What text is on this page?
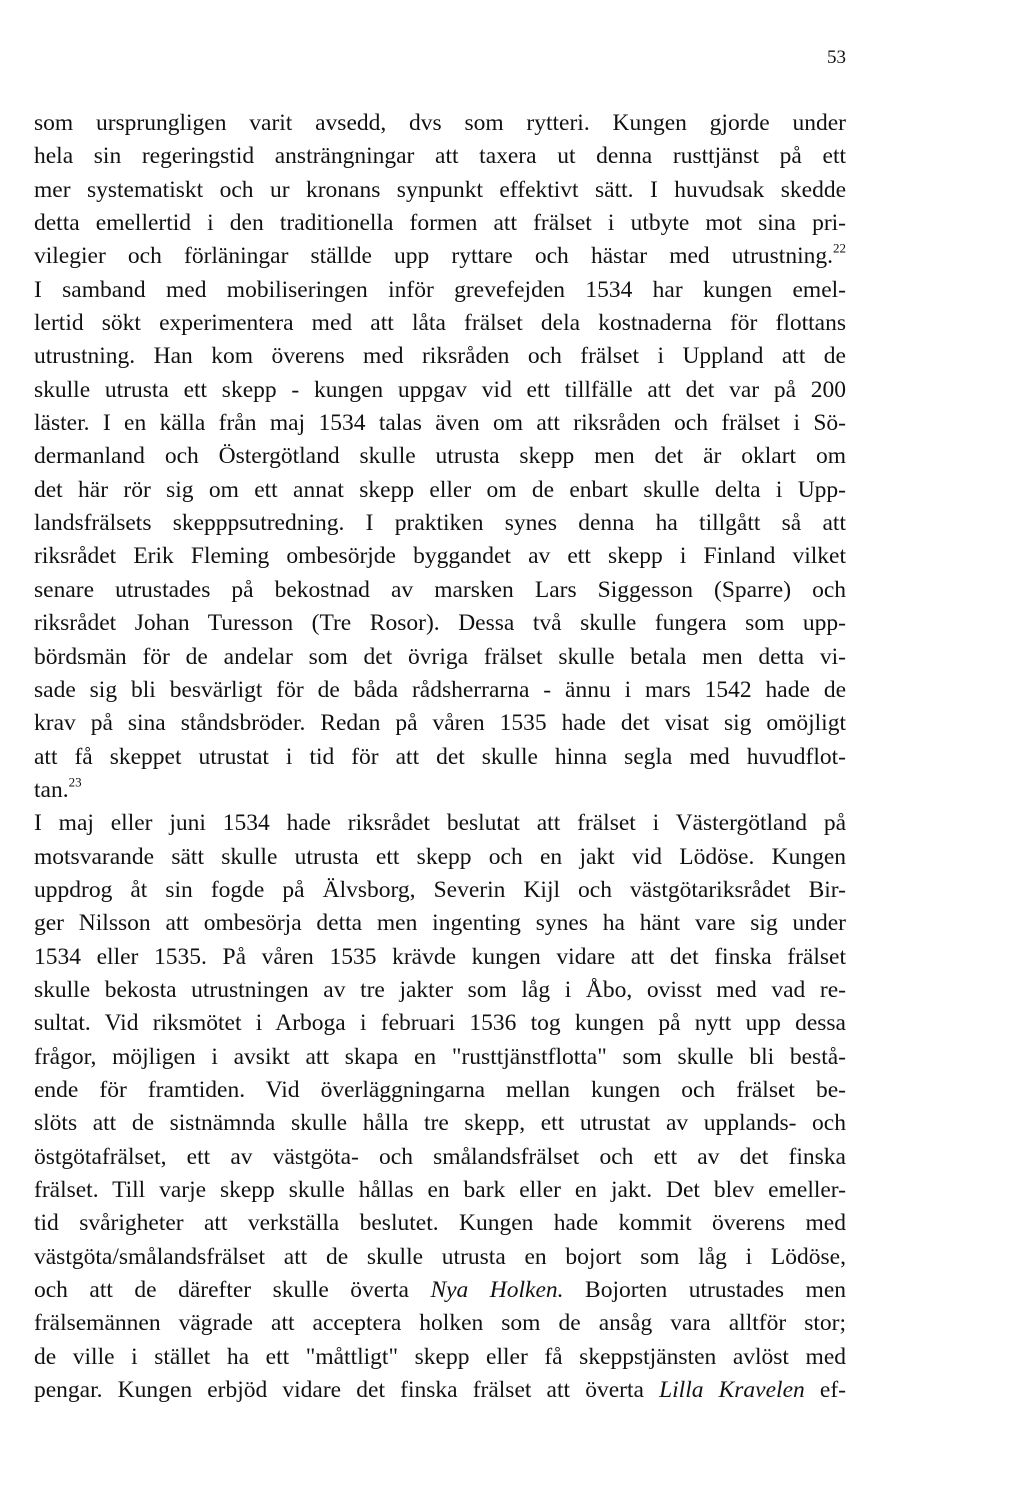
53
som ursprungligen varit avsedd, dvs som rytteri. Kungen gjorde under
hela sin regeringstid ansträngningar att taxera ut denna rusttjänst på ett
mer systematiskt och ur kronans synpunkt effektivt sätt. I huvudsak skedde
detta emellertid i den traditionella formen att frälset i utbyte mot sina pri-
vilegier och förläningar ställde upp ryttare och hästar med utrustning.$^{22}$
I samband med mobiliseringen inför grevefejden 1534 har kungen emel-
lertid sökt experimentera med att låta frälset dela kostnaderna för flottans
utrustning. Han kom överens med riksråden och frälset i Uppland att de
skulle utrusta ett skepp - kungen uppgav vid ett tillfälle att det var på 200
läster. I en källa från maj 1534 talas även om att riksråden och frälset i Sö-
dermanland och Östergötland skulle utrusta skepp men det är oklart om
det här rör sig om ett annat skepp eller om de enbart skulle delta i Upp-
landsfrälsets skepppsutredning. I praktiken synes denna ha tillgått så att
riksrådet Erik Fleming ombesörjde byggandet av ett skepp i Finland vilket
senare utrustades på bekostnad av marsken Lars Siggesson (Sparre) och
riksrådet Johan Turesson (Tre Rosor). Dessa två skulle fungera som upp-
bördsmän för de andelar som det övriga frälset skulle betala men detta vi-
sade sig bli besvärligt för de båda rådsherrarna - ännu i mars 1542 hade de
krav på sina ståndsbröder. Redan på våren 1535 hade det visat sig omöjligt
att få skeppet utrustat i tid för att det skulle hinna segla med huvudflot-
tan.$^{23}$
I maj eller juni 1534 hade riksrådet beslutat att frälset i Västergötland på
motsvarande sätt skulle utrusta ett skepp och en jakt vid Lödöse. Kungen
uppdrog åt sin fogde på Älvsborg, Severin Kijl och västgötariksrådet Bir-
ger Nilsson att ombesörja detta men ingenting synes ha hänt vare sig under
1534 eller 1535. På våren 1535 krävde kungen vidare att det finska frälset
skulle bekosta utrustningen av tre jakter som låg i Åbo, ovisst med vad re-
sultat. Vid riksmötet i Arboga i februari 1536 tog kungen på nytt upp dessa
frågor, möjligen i avsikt att skapa en "rusttjänstflotta" som skulle bli bestå-
ende för framtiden. Vid överläggningarna mellan kungen och frälset be-
slöts att de sistnämnda skulle hålla tre skepp, ett utrustat av upplands- och
östgötafrälset, ett av västgöta- och smålandsfrälset och ett av det finska
frälset. Till varje skepp skulle hållas en bark eller en jakt. Det blev emeller-
tid svårigheter att verkställa beslutet. Kungen hade kommit överens med
västgöta/smålandsfrälset att de skulle utrusta en bojort som låg i Lödöse,
och att de därefter skulle överta Nya Holken. Bojorten utrustades men
frälsemännen vägrade att acceptera holken som de ansåg vara alltför stor;
de ville i stället ha ett "måttligt" skepp eller få skeppstjänsten avlöst med
pengar. Kungen erbjöd vidare det finska frälset att överta Lilla Kravelen ef-
